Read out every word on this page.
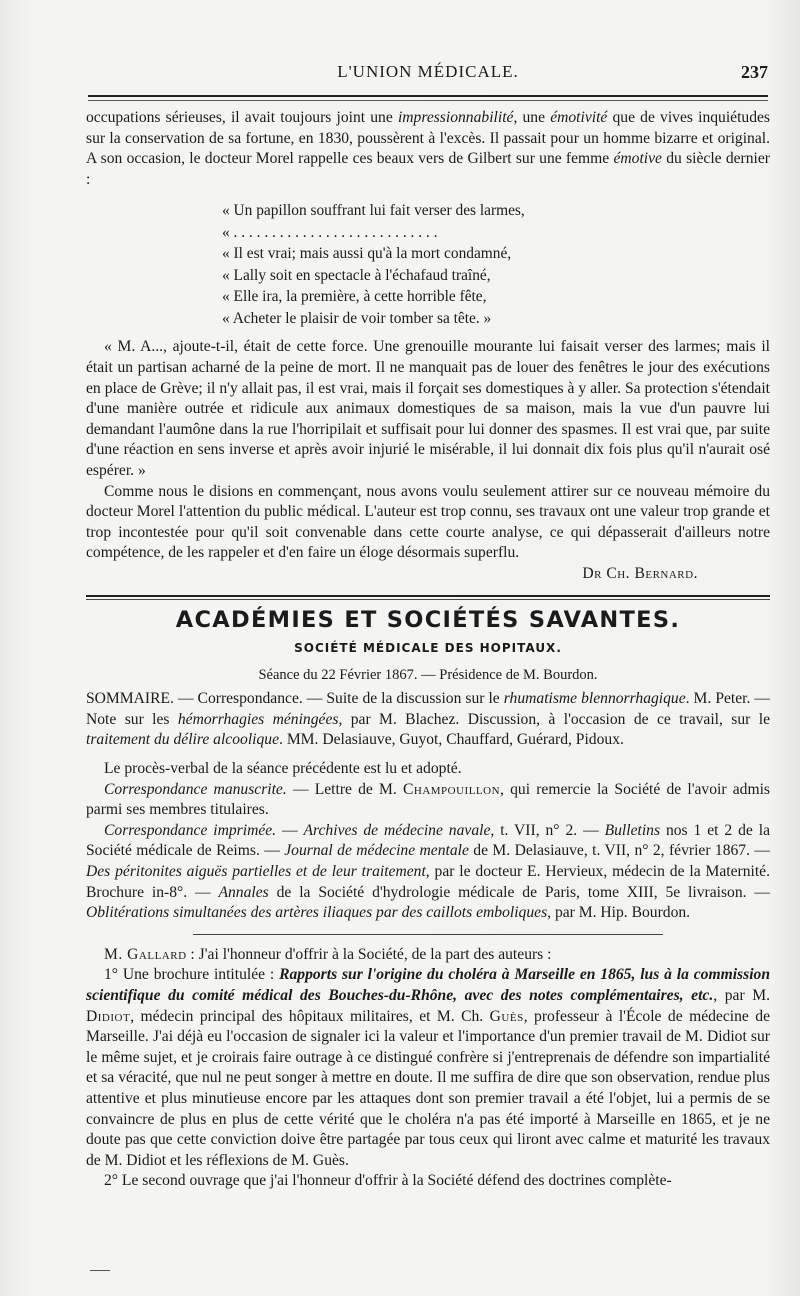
L'UNION MÉDICALE.	237

occupations sérieuses, il avait toujours joint une impressionnabilité, une émotivité que de vives inquiétudes sur la conservation de sa fortune, en 1830, poussèrent à l'excès. Il passait pour un homme bizarre et original. A son occasion, le docteur Morel rappelle ces beaux vers de Gilbert sur une femme émotive du siècle dernier :

« Un papillon souffrant lui fait verser des larmes,
« . . . . . . . . . . . . . . . . . . . . . . . . . . .
« Il est vrai; mais aussi qu'à la mort condamné,
« Lally soit en spectacle à l'échafaud traîné,
« Elle ira, la première, à cette horrible fête,
« Acheter le plaisir de voir tomber sa tête. »

« M. A..., ajoute-t-il, était de cette force. Une grenouille mourante lui faisait verser des larmes; mais il était un partisan acharné de la peine de mort. Il ne manquait pas de louer des fenêtres le jour des exécutions en place de Grève; il n'y allait pas, il est vrai, mais il forçait ses domestiques à y aller. Sa protection s'étendait d'une manière outrée et ridicule aux animaux domestiques de sa maison, mais la vue d'un pauvre lui demandant l'aumône dans la rue l'horripilait et suffisait pour lui donner des spasmes. Il est vrai que, par suite d'une réaction en sens inverse et après avoir injurié le misérable, il lui donnait dix fois plus qu'il n'aurait osé espérer. »

Comme nous le disions en commençant, nous avons voulu seulement attirer sur ce nouveau mémoire du docteur Morel l'attention du public médical. L'auteur est trop connu, ses travaux ont une valeur trop grande et trop incontestée pour qu'il soit convenable dans cette courte analyse, ce qui dépasserait d'ailleurs notre compétence, de les rappeler et d'en faire un éloge désormais superflu.

Dr Ch. Bernard.

ACADÉMIES ET SOCIÉTÉS SAVANTES.
SOCIÉTÉ MÉDICALE DES HOPITAUX.
Séance du 22 Février 1867. — Présidence de M. Bourdon.

SOMMAIRE. — Correspondance. — Suite de la discussion sur le rhumatisme blennorrhagique. M. Peter. — Note sur les hémorrhagies méningées, par M. Blachez. Discussion, à l'occasion de ce travail, sur le traitement du délire alcoolique. MM. Delasiauve, Guyot, Chauffard, Guérard, Pidoux.

Le procès-verbal de la séance précédente est lu et adopté.

Correspondance manuscrite. — Lettre de M. Champouillon, qui remercie la Société de l'avoir admis parmi ses membres titulaires.

Correspondance imprimée. — Archives de médecine navale, t. VII, n° 2. — Bulletins nos 1 et 2 de la Société médicale de Reims. — Journal de médecine mentale de M. Delasiauve, t. VII, n° 2, février 1867. — Des péritonites aiguës partielles et de leur traitement, par le docteur E. Hervieux, médecin de la Maternité. Brochure in-8°. — Annales de la Société d'hydrologie médicale de Paris, tome XIII, 5e livraison. — Oblitérations simultanées des artères iliaques par des caillots emboliques, par M. Hip. Bourdon.

M. Gallard : J'ai l'honneur d'offrir à la Société, de la part des auteurs :

1° Une brochure intitulée : Rapports sur l'origine du choléra à Marseille en 1865, lus à la commission scientifique du comité médical des Bouches-du-Rhône, avec des notes complémentaires, etc., par M. Didiot, médecin principal des hôpitaux militaires, et M. Ch. Guès, professeur à l'École de médecine de Marseille. J'ai déjà eu l'occasion de signaler ici la valeur et l'importance d'un premier travail de M. Didiot sur le même sujet, et je croirais faire outrage à ce distingué confrère si j'entreprenais de défendre son impartialité et sa véracité, que nul ne peut songer à mettre en doute. Il me suffira de dire que son observation, rendue plus attentive et plus minutieuse encore par les attaques dont son premier travail a été l'objet, lui a permis de se convaincre de plus en plus de cette vérité que le choléra n'a pas été importé à Marseille en 1865, et je ne doute pas que cette conviction doive être partagée par tous ceux qui liront avec calme et maturité les travaux de M. Didiot et les réflexions de M. Guès.

2° Le second ouvrage que j'ai l'honneur d'offrir à la Société défend des doctrines complète-
